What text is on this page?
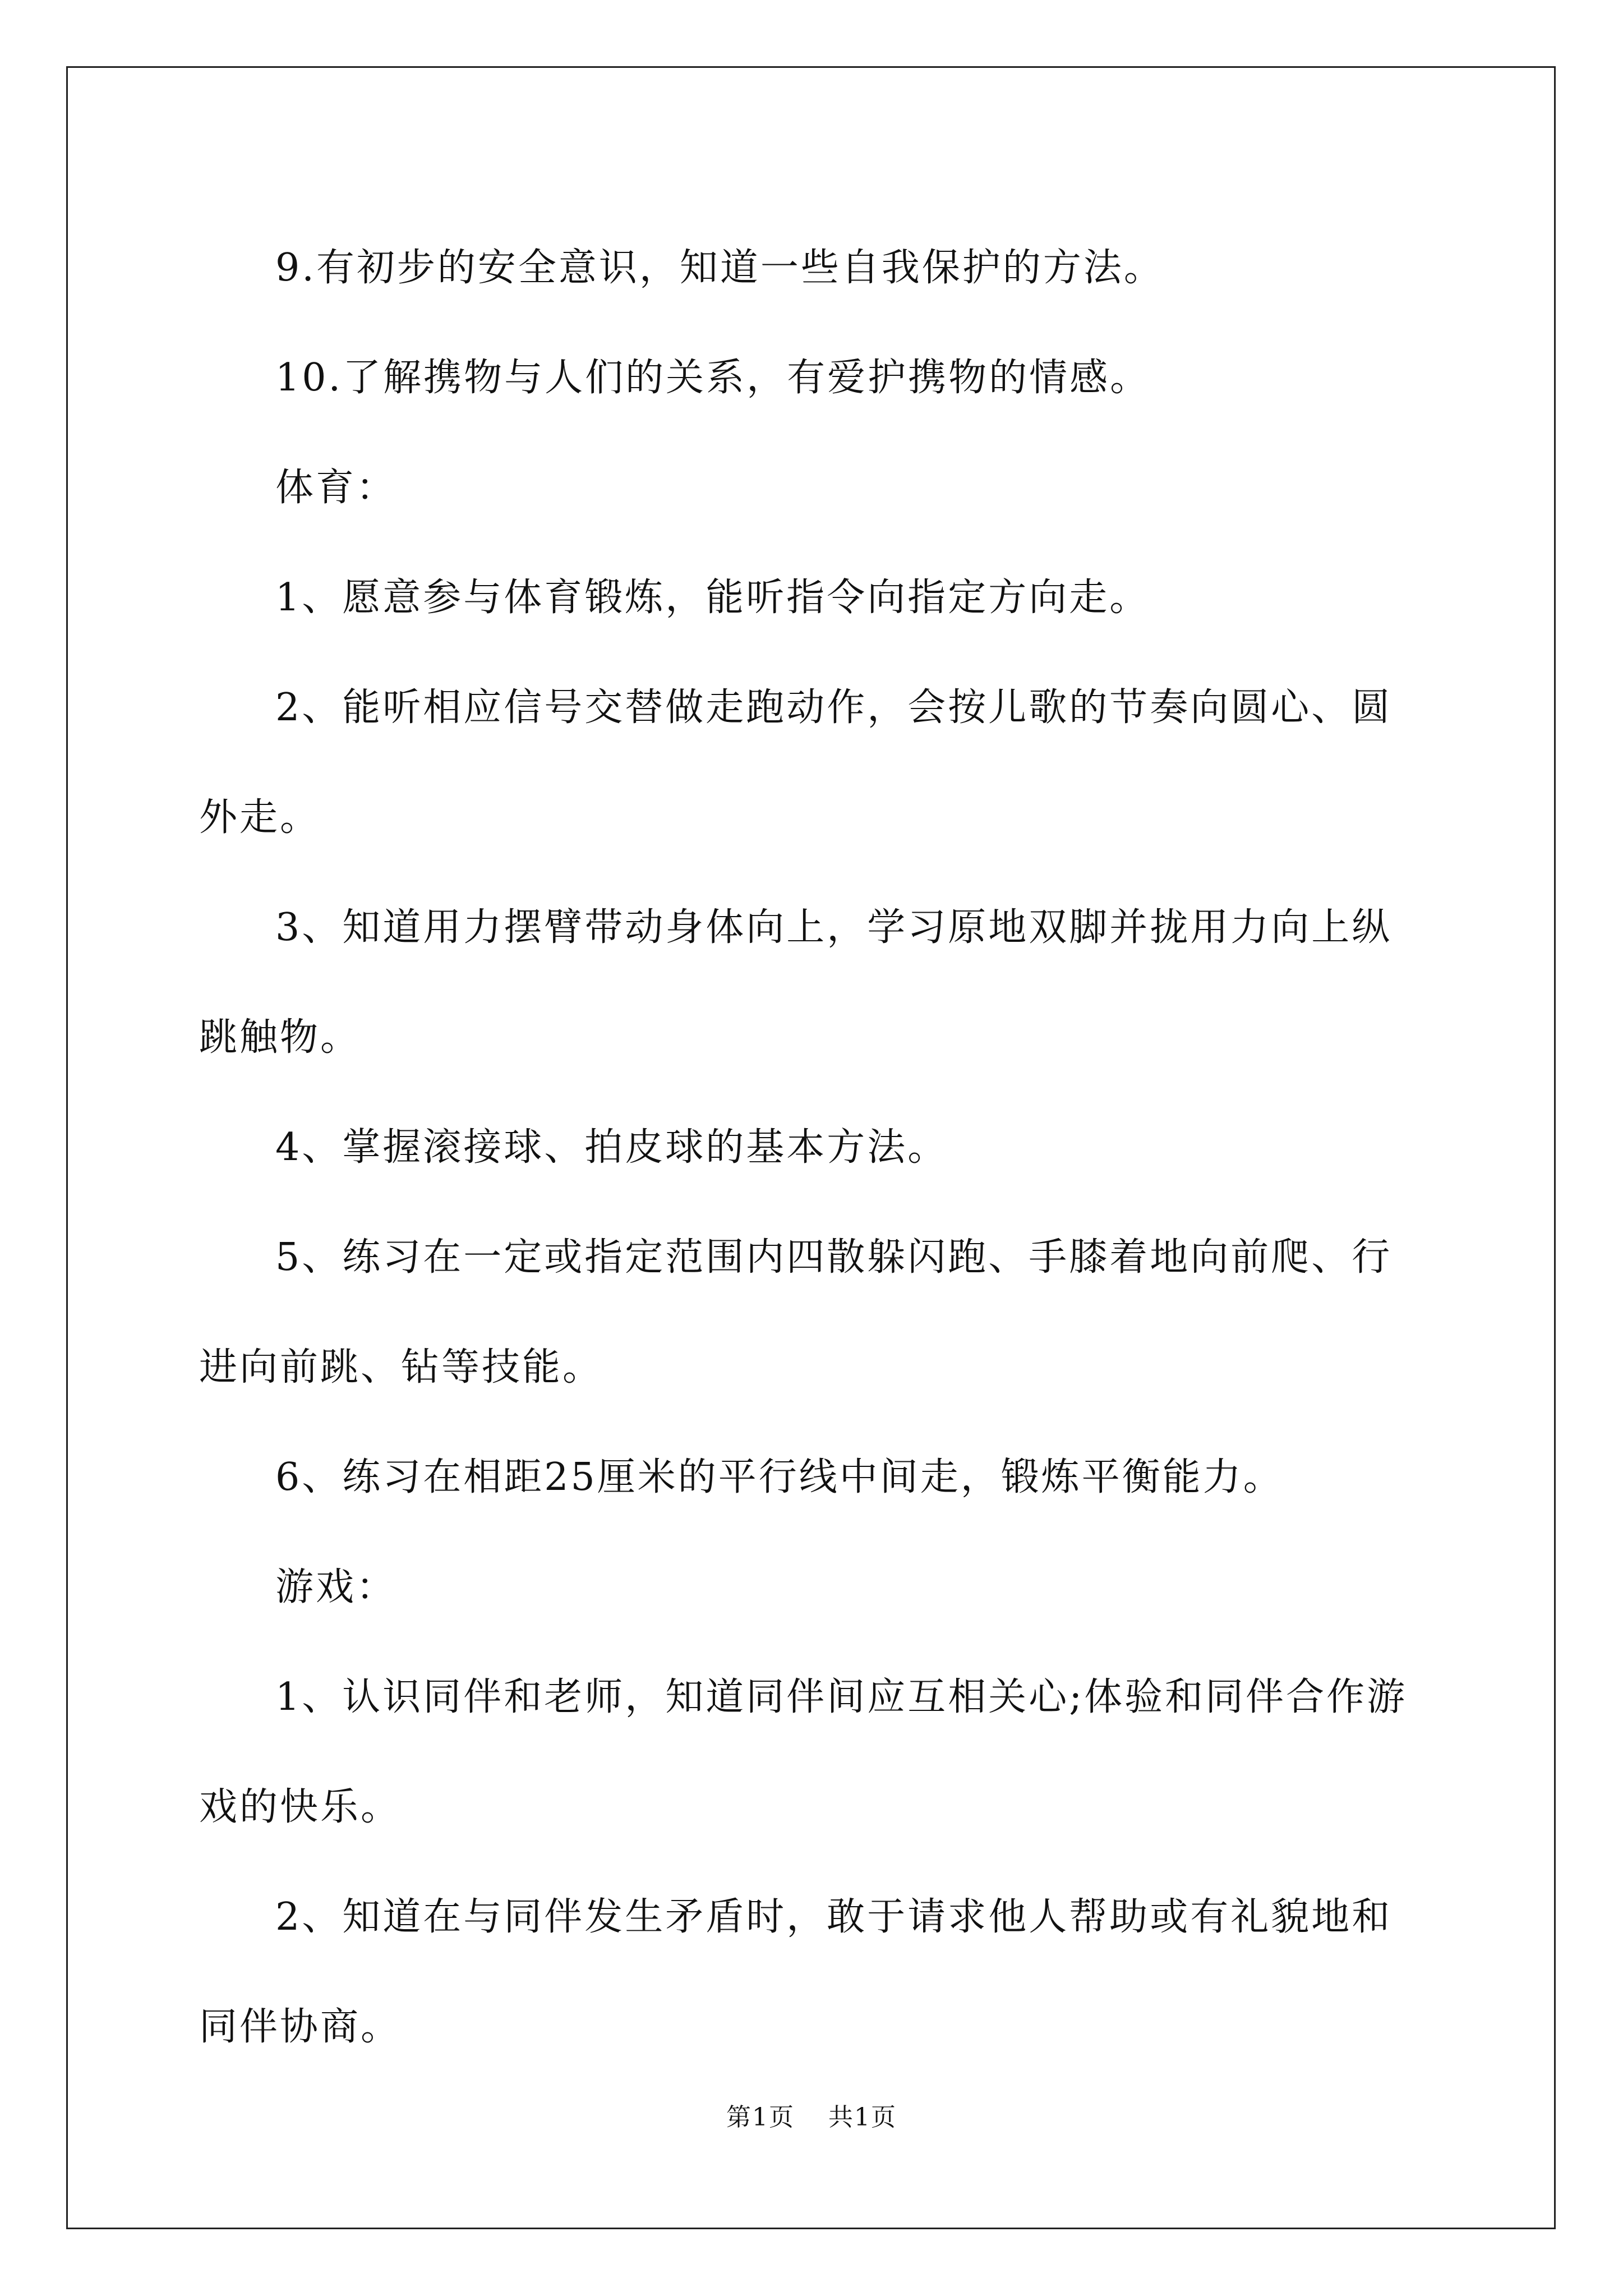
9.有初步的安全意识，知道一些自我保护的方法。

10.了解携物与人们的关系，有爱护携物的情感。

体育：

1、愿意参与体育锻炼，能听指令向指定方向走。

2、能听相应信号交替做走跑动作，会按儿歌的节奏向圆心、圆外走。

3、知道用力摆臂带动身体向上，学习原地双脚并拢用力向上纵跳触物。

4、掌握滚接球、拍皮球的基本方法。

5、练习在一定或指定范围内四散躲闪跑、手膝着地向前爬、行进向前跳、钻等技能。

6、练习在相距25厘米的平行线中间走，锻炼平衡能力。

游戏：

1、认识同伴和老师，知道同伴间应互相关心;体验和同伴合作游戏的快乐。

2、知道在与同伴发生矛盾时，敢于请求他人帮助或有礼貌地和同伴协商。

第1页 共1页
